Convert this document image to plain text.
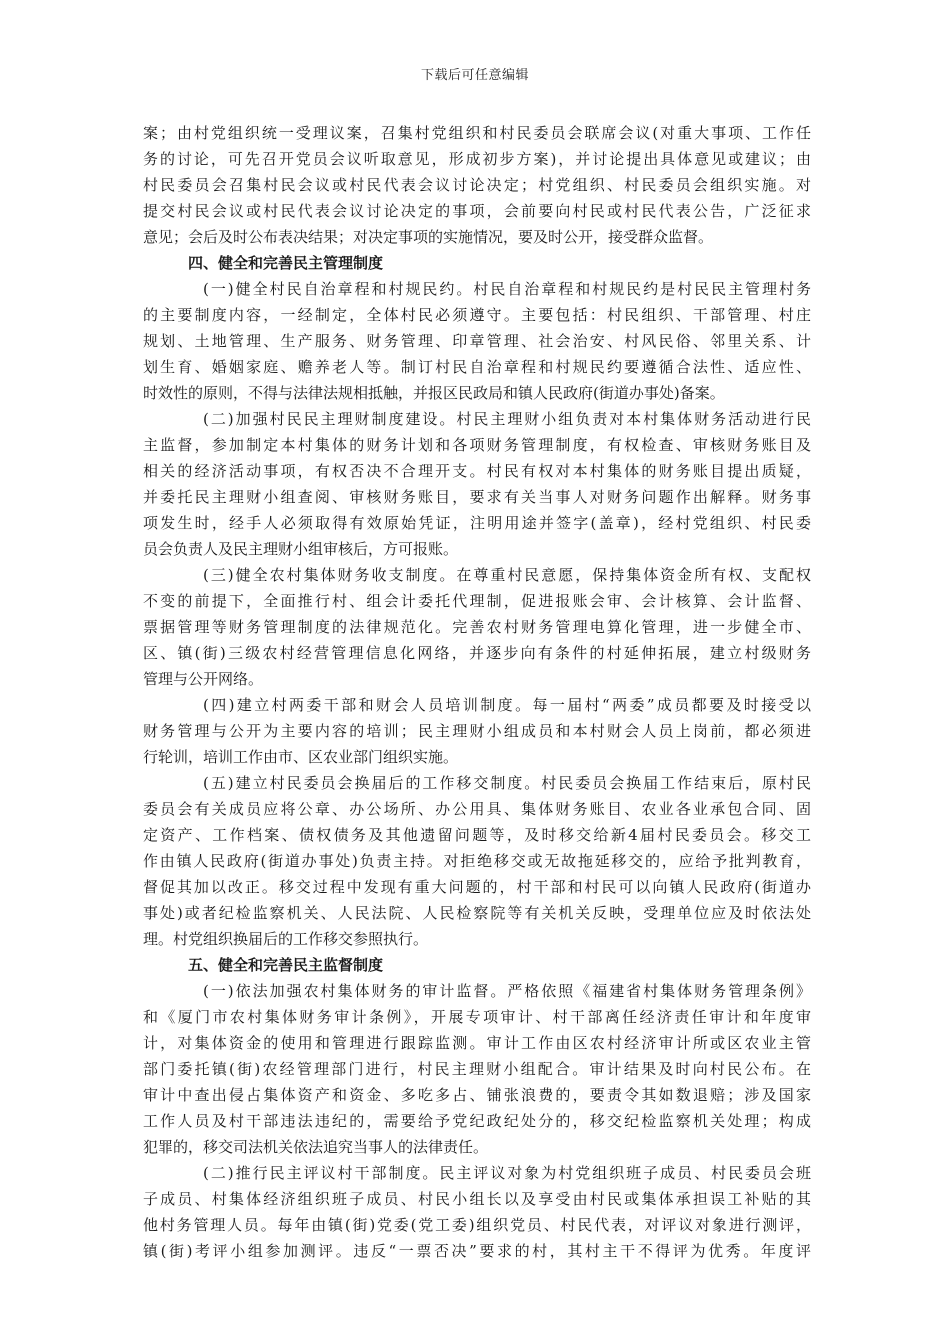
下载后可任意编辑
案；由村党组织统一受理议案，召集村党组织和村民委员会联席会议(对重大事项、工作任
务的讨论，可先召开党员会议听取意见，形成初步方案)，并讨论提出具体意见或建议；由
村民委员会召集村民会议或村民代表会议讨论决定；村党组织、村民委员会组织实施。对
提交村民会议或村民代表会议讨论决定的事项，会前要向村民或村民代表公告，广泛征求
意见；会后及时公布表决结果；对决定事项的实施情况，要及时公开，接受群众监督。
四、健全和完善民主管理制度
(一)健全村民自治章程和村规民约。村民自治章程和村规民约是村民民主管理村务
的主要制度内容，一经制定，全体村民必须遵守。主要包括：村民组织、干部管理、村庄
规划、土地管理、生产服务、财务管理、印章管理、社会治安、村风民俗、邻里关系、计
划生育、婚姻家庭、赡养老人等。制订村民自治章程和村规民约要遵循合法性、适应性、
时效性的原则，不得与法律法规相抵触，并报区民政局和镇人民政府(街道办事处)备案。
(二)加强村民民主理财制度建设。村民主理财小组负责对本村集体财务活动进行民
主监督，参加制定本村集体的财务计划和各项财务管理制度，有权检查、审核财务账目及
相关的经济活动事项，有权否决不合理开支。村民有权对本村集体的财务账目提出质疑，
并委托民主理财小组查阅、审核财务账目，要求有关当事人对财务问题作出解释。财务事
项发生时，经手人必须取得有效原始凭证，注明用途并签字(盖章)，经村党组织、村民委
员会负责人及民主理财小组审核后，方可报账。
(三)健全农村集体财务收支制度。在尊重村民意愿，保持集体资金所有权、支配权
不变的前提下，全面推行村、组会计委托代理制，促进报账会审、会计核算、会计监督、
票据管理等财务管理制度的法律规范化。完善农村财务管理电算化管理，进一步健全市、
区、镇(街)三级农村经营管理信息化网络，并逐步向有条件的村延伸拓展，建立村级财务
管理与公开网络。
(四)建立村两委干部和财会人员培训制度。每一届村“两委”成员都要及时接受以
财务管理与公开为主要内容的培训；民主理财小组成员和本村财会人员上岗前，都必须进
行轮训，培训工作由市、区农业部门组织实施。
(五)建立村民委员会换届后的工作移交制度。村民委员会换届工作结束后，原村民
委员会有关成员应将公章、办公场所、办公用具、集体财务账目、农业各业承包合同、固
定资产、工作档案、债权债务及其他遗留问题等，及时移交给新4届村民委员会。移交工
作由镇人民政府(街道办事处)负责主持。对拒绝移交或无故拖延移交的，应给予批判教育，
督促其加以改正。移交过程中发现有重大问题的，村干部和村民可以向镇人民政府(街道办
事处)或者纪检监察机关、人民法院、人民检察院等有关机关反映，受理单位应及时依法处
理。村党组织换届后的工作移交参照执行。
五、健全和完善民主监督制度
(一)依法加强农村集体财务的审计监督。严格依照《福建省村集体财务管理条例》
和《厦门市农村集体财务审计条例》，开展专项审计、村干部离任经济责任审计和年度审
计，对集体资金的使用和管理进行跟踪监测。审计工作由区农村经济审计所或区农业主管
部门委托镇(街)农经管理部门进行，村民主理财小组配合。审计结果及时向村民公布。在
审计中查出侵占集体资产和资金、多吃多占、铺张浪费的，要责令其如数退赔；涉及国家
工作人员及村干部违法违纪的，需要给予党纪政纪处分的，移交纪检监察机关处理；构成
犯罪的，移交司法机关依法追究当事人的法律责任。
(二)推行民主评议村干部制度。民主评议对象为村党组织班子成员、村民委员会班
子成员、村集体经济组织班子成员、村民小组长以及享受由村民或集体承担误工补贴的其
他村务管理人员。每年由镇(街)党委(党工委)组织党员、村民代表，对评议对象进行测评，
镇(街)考评小组参加测评。违反“一票否决”要求的村，其村主干不得评为优秀。年度评
